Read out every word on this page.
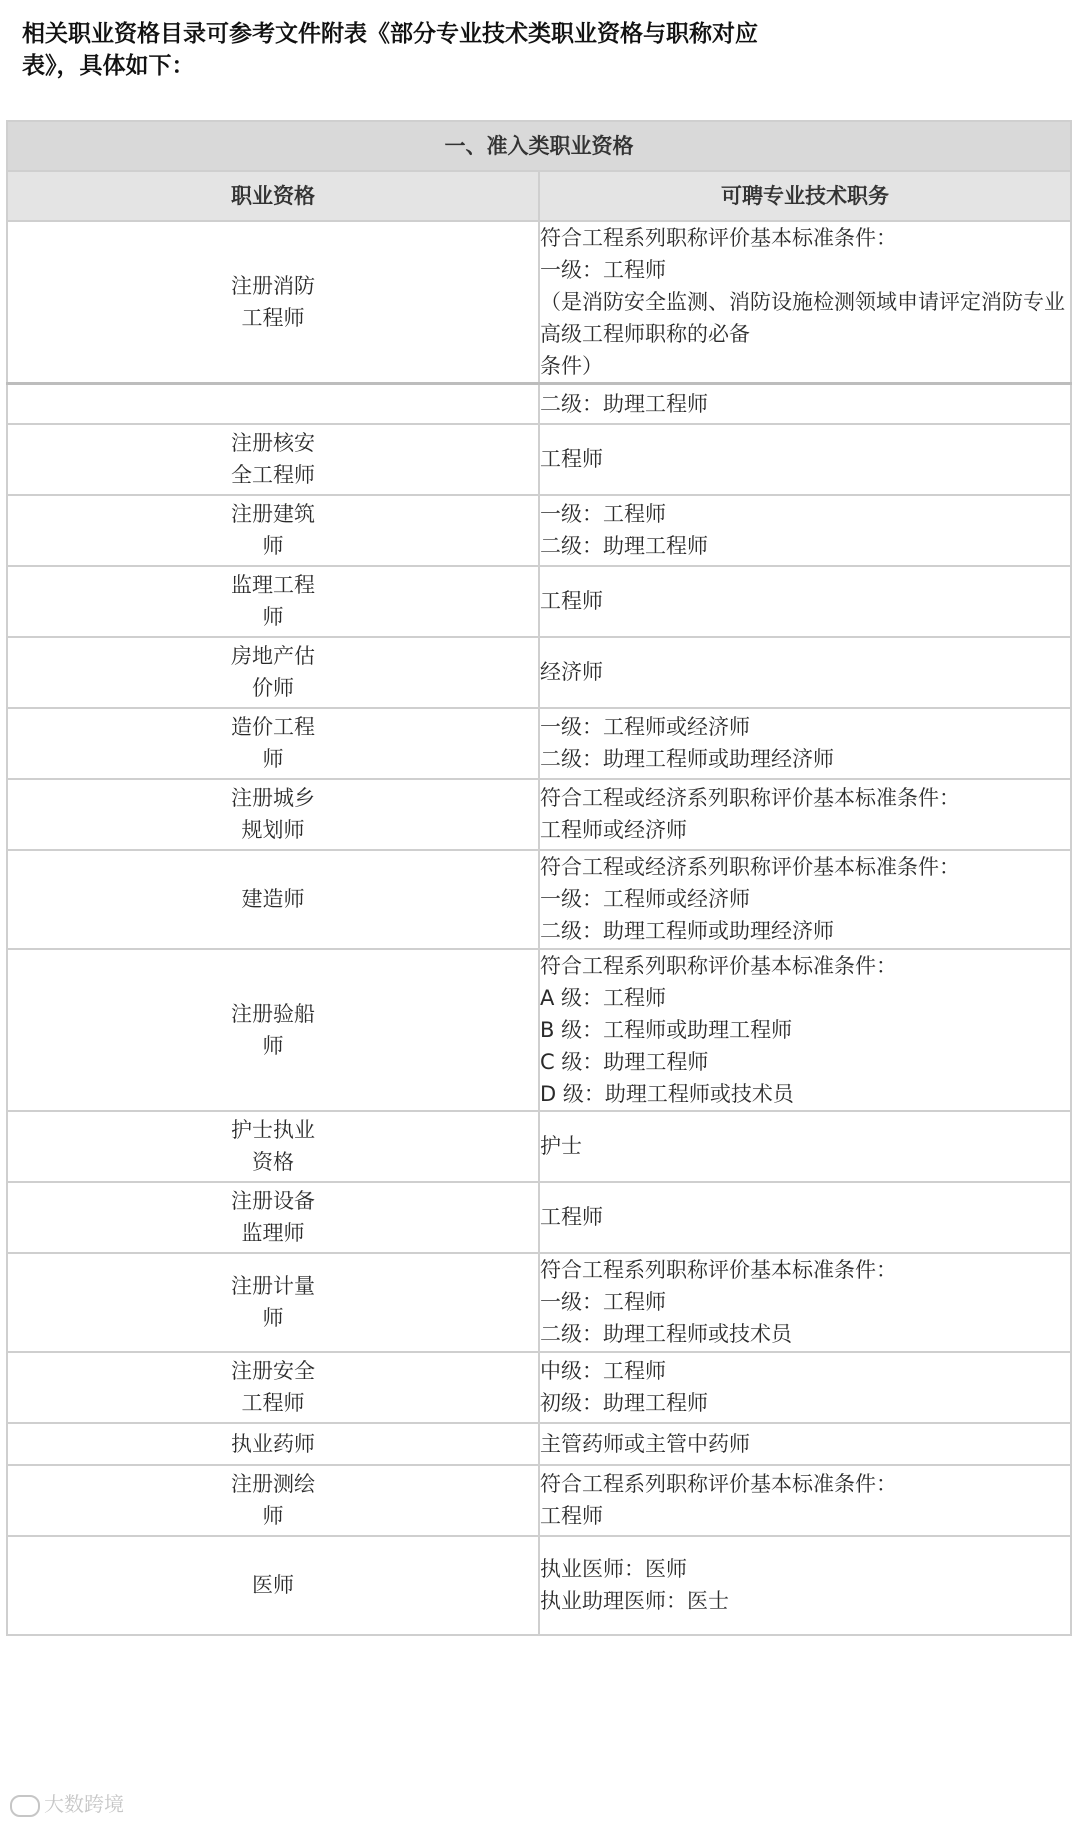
相关职业资格目录可参考文件附表《部分专业技术类职业资格与职称对应
表》，具体如下：
一、准入类职业资格	
职业资格	可聘专业技术职务

注册消防
工程师	符合工程系列职称评价基本标准条件：
一级：工程师
（是消防安全监测、消防设施检测领域申请评定消防专业高级工程师职称的必备
条件）

	二级：助理工程师

注册核安
全工程师	工程师

注册建筑
师	一级：工程师
二级：助理工程师

监理工程
师	工程师

房地产估
价师	经济师

造价工程
师	一级：工程师或经济师
二级：助理工程师或助理经济师

注册城乡
规划师	符合工程或经济系列职称评价基本标准条件：
工程师或经济师

建造师	符合工程或经济系列职称评价基本标准条件：
一级：工程师或经济师
二级：助理工程师或助理经济师

注册验船
师	符合工程系列职称评价基本标准条件：
A 级：工程师
B 级：工程师或助理工程师
C 级：助理工程师
D 级：助理工程师或技术员

护士执业
资格	护士

注册设备
监理师	工程师

注册计量
师	符合工程系列职称评价基本标准条件：
一级：工程师
二级：助理工程师或技术员

注册安全
工程师	中级：工程师
初级：助理工程师

执业药师	主管药师或主管中药师

注册测绘
师	符合工程系列职称评价基本标准条件：
工程师

医师	执业医师：医师
执业助理医师：医士
大数跨境
